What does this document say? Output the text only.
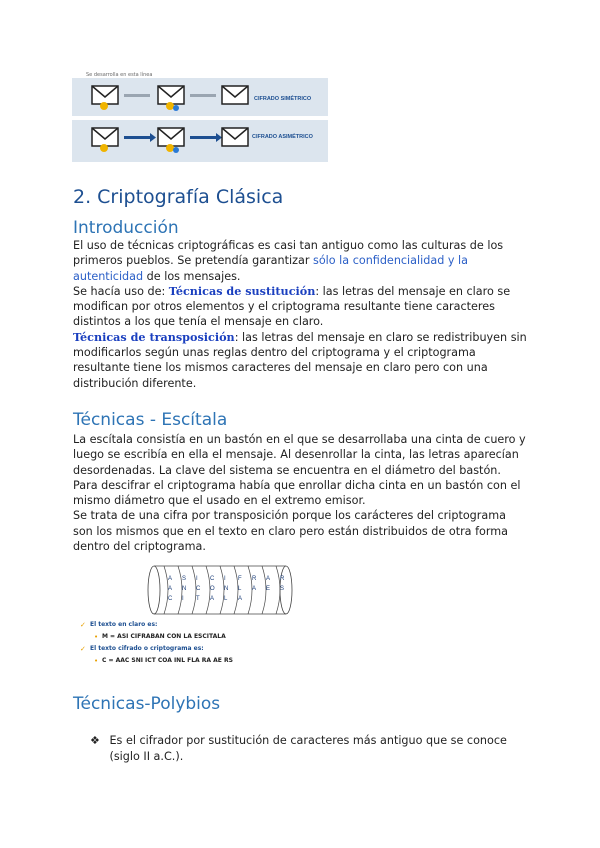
CIFRADO SIMÉTRICO
CIFRADO ASIMÉTRICO
Se desarrolla en esta línea
2. Criptografía Clásica
Introducción

El uso de técnicas criptográficas es casi tan antiguo como las culturas de los primeros pueblos. Se pretendía garantizar sólo la confidencialidad y la autenticidad de los mensajes.

Se hacía uso de: Técnicas de sustitución: las letras del mensaje en claro se modifican por otros elementos y el criptograma resultante tiene caracteres distintos a los que tenía el mensaje en claro.

Técnicas de transposición: las letras del mensaje en claro se redistribuyen sin modificarlos según unas reglas dentro del criptograma y el criptograma resultante tiene los mismos caracteres del mensaje en claro pero con una distribución diferente.

Técnicas - Escítala

La escítala consistía en un bastón en el que se desarrollaba una cinta de cuero y luego se escribía en ella el mensaje. Al desenrollar la cinta, las letras aparecían desordenadas. La clave del sistema se encuentra en el diámetro del bastón.

Para descifrar el criptograma había que enrollar dicha cinta en un bastón con el mismo diámetro que el usado en el extremo emisor.

Se trata de una cifra por transposición porque los carácteres del criptograma son los mismos que en el texto en claro pero están distribuidos de otra forma dentro del criptograma.

A
A
C
S
N
I
I
C
T
C
O
A
I
N
L
F
L
A
R
A
A
E
R
S
✓ El texto en claro es:
• M = ASI CIFRABAN CON LA ESCITALA
✓ El texto cifrado o criptograma es:
• C = AAC SNI ICT COA INL FLA RA AE RS
Técnicas-Polybios
❖ Es el cifrador por sustitución de caracteres más antiguo que se conoce (siglo II a.C.).
